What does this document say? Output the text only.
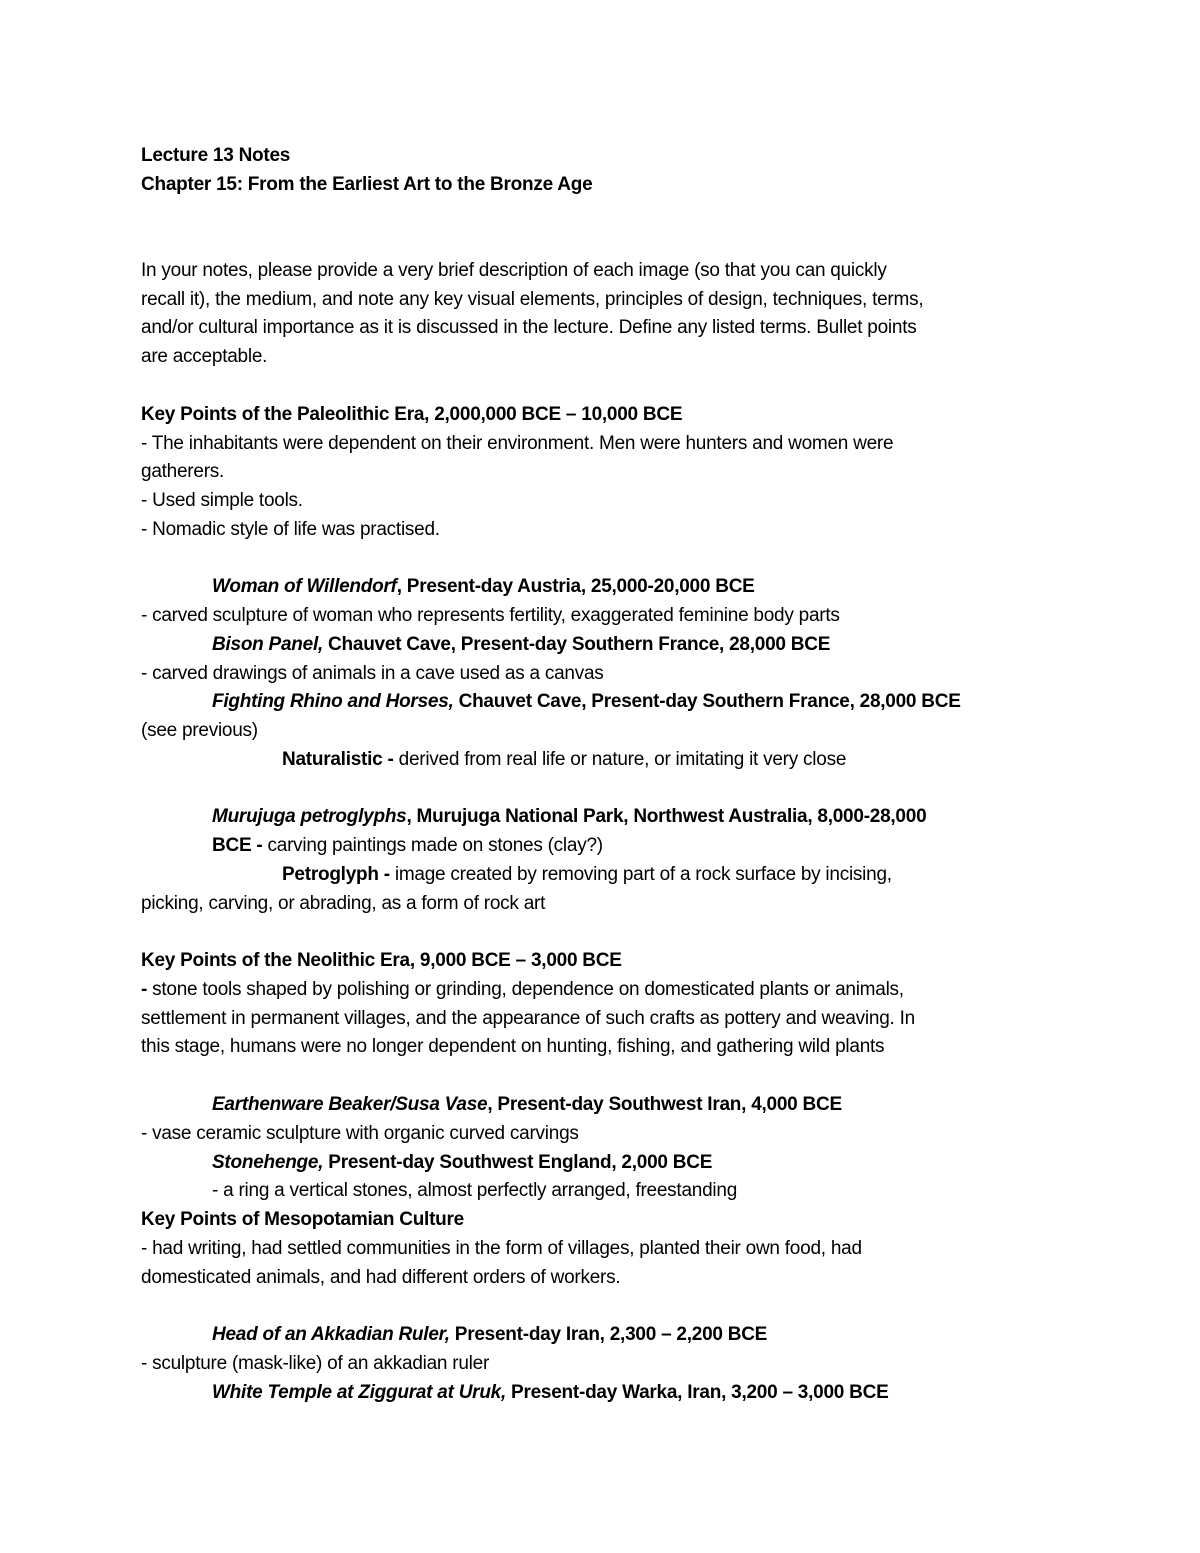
Lecture 13 Notes
Chapter 15: From the Earliest Art to the Bronze Age
In your notes, please provide a very brief description of each image (so that you can quickly
recall it), the medium, and note any key visual elements, principles of design, techniques, terms,
and/or cultural importance as it is discussed in the lecture. Define any listed terms. Bullet points
are acceptable.
Key Points of the Paleolithic Era, 2,000,000 BCE – 10,000 BCE
- The inhabitants were dependent on their environment. Men were hunters and women were
gatherers.
- Used simple tools.
- Nomadic style of life was practised.
Woman of Willendorf, Present-day Austria, 25,000-20,000 BCE
- carved sculpture of woman who represents fertility, exaggerated feminine body parts
Bison Panel, Chauvet Cave, Present-day Southern France, 28,000 BCE
- carved drawings of animals in a cave used as a canvas
Fighting Rhino and Horses, Chauvet Cave, Present-day Southern France, 28,000 BCE
(see previous)
Naturalistic - derived from real life or nature, or imitating it very close
Murujuga petroglyphs, Murujuga National Park, Northwest Australia, 8,000-28,000
BCE - carving paintings made on stones (clay?)
Petroglyph - image created by removing part of a rock surface by incising,
picking, carving, or abrading, as a form of rock art
Key Points of the Neolithic Era, 9,000 BCE – 3,000 BCE
- stone tools shaped by polishing or grinding, dependence on domesticated plants or animals,
settlement in permanent villages, and the appearance of such crafts as pottery and weaving. In
this stage, humans were no longer dependent on hunting, fishing, and gathering wild plants
Earthenware Beaker/Susa Vase, Present-day Southwest Iran, 4,000 BCE
- vase ceramic sculpture with organic curved carvings
Stonehenge, Present-day Southwest England, 2,000 BCE
- a ring a vertical stones, almost perfectly arranged, freestanding
Key Points of Mesopotamian Culture
- had writing, had settled communities in the form of villages, planted their own food, had
domesticated animals, and had different orders of workers.
Head of an Akkadian Ruler, Present-day Iran, 2,300 – 2,200 BCE
- sculpture (mask-like) of an akkadian ruler
White Temple at Ziggurat at Uruk, Present-day Warka, Iran, 3,200 – 3,000 BCE
